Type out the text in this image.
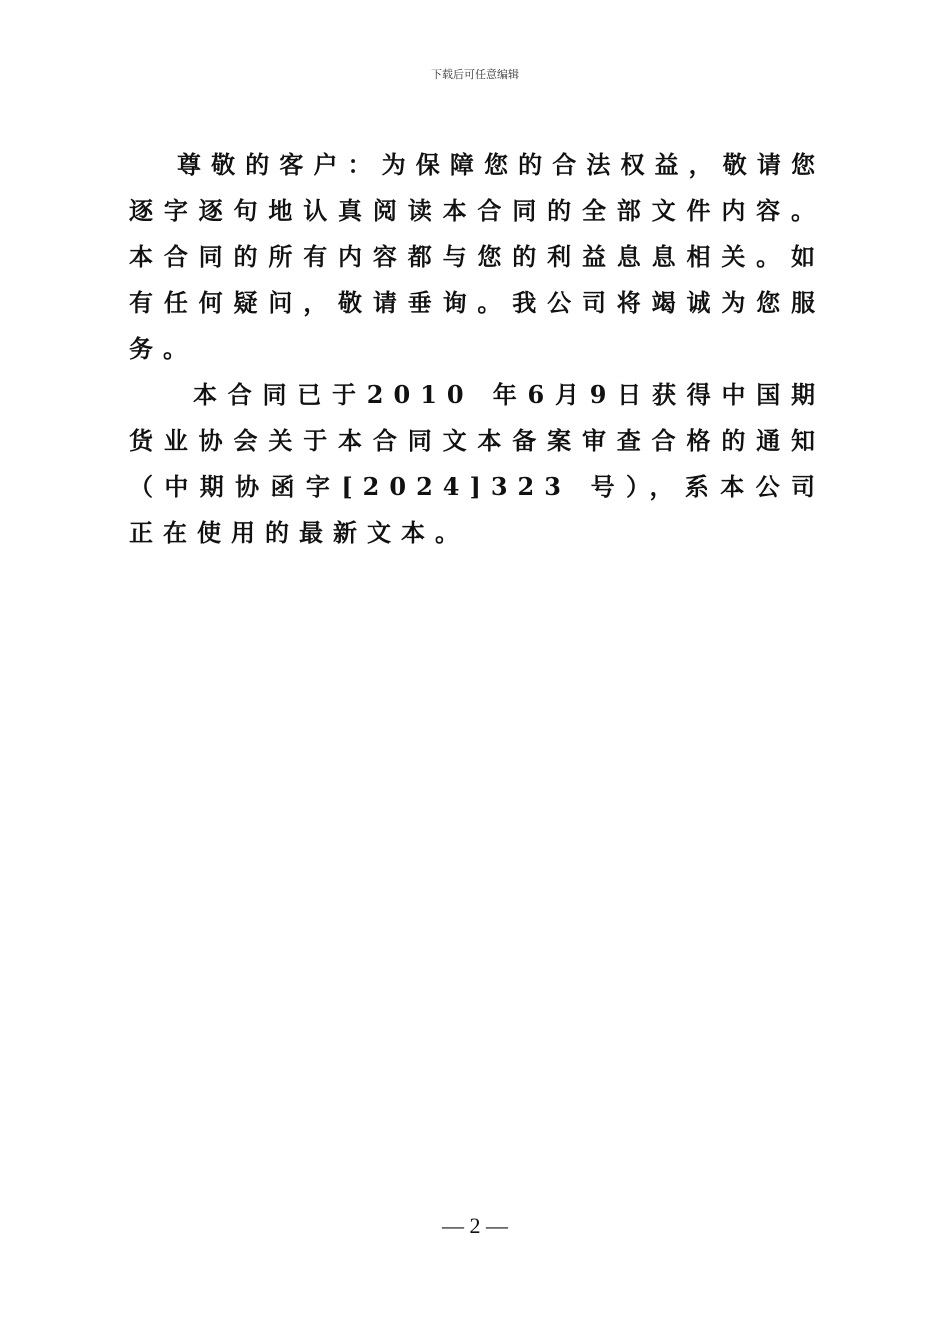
下载后可任意编辑

尊敬的客户：为保障您的合法权益，敬请您逐字逐句地认真阅读本合同的全部文件内容。本合同的所有内容都与您的利益息息相关。如有任何疑问，敬请垂询。我公司将竭诚为您服务。

本合同已于2010 年6月9日获得中国期货业协会关于本合同文本备案审查合格的通知（中期协函字[2024]323 号），系本公司正在使用的最新文本。

— 2 —
